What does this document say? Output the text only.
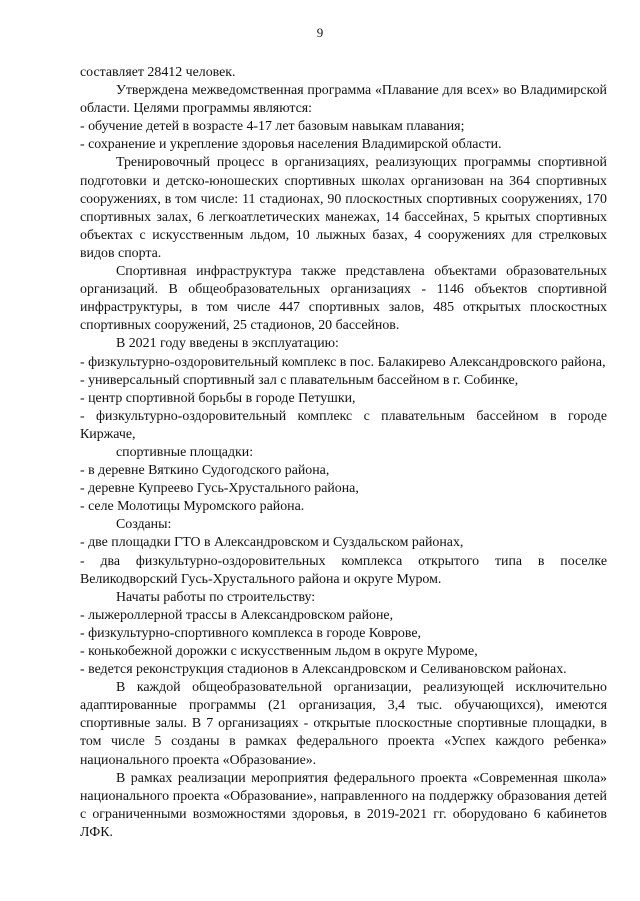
9

составляет 28412 человек.

Утверждена межведомственная программа «Плавание для всех» во Владимирской области. Целями программы являются:

- обучение детей в возрасте 4-17 лет базовым навыкам плавания;

- сохранение и укрепление здоровья населения Владимирской области.

Тренировочный процесс в организациях, реализующих программы спортивной подготовки и детско-юношеских спортивных школах организован на 364 спортивных сооружениях, в том числе: 11 стадионах, 90 плоскостных спортивных сооружениях, 170 спортивных залах, 6 легкоатлетических манежах, 14 бассейнах, 5 крытых спортивных объектах с искусственным льдом, 10 лыжных базах, 4 сооружениях для стрелковых видов спорта.

Спортивная инфраструктура также представлена объектами образовательных организаций. В общеобразовательных организациях - 1146 объектов спортивной инфраструктуры, в том числе 447 спортивных залов, 485 открытых плоскостных спортивных сооружений, 25 стадионов, 20 бассейнов.

В 2021 году введены в эксплуатацию:

- физкультурно-оздоровительный комплекс в пос. Балакирево Александровского района,

- универсальный спортивный зал с плавательным бассейном в г. Собинке,

- центр спортивной борьбы в городе Петушки,

- физкультурно-оздоровительный комплекс с плавательным бассейном в городе Киржаче,

спортивные площадки:

- в деревне Вяткино Судогодского района,

- деревне Купреево Гусь-Хрустального района,

- селе Молотицы Муромского района.

Созданы:

- две площадки ГТО в Александровском и Суздальском районах,

- два физкультурно-оздоровительных комплекса открытого типа в поселке Великодворский Гусь-Хрустального района и округе Муром.

Начаты работы по строительству:

- лыжероллерной трассы в Александровском районе,

- физкультурно-спортивного комплекса в городе Коврове,

- конькобежной дорожки с искусственным льдом в округе Муроме,

- ведется реконструкция стадионов в Александровском и Селивановском районах.

В каждой общеобразовательной организации, реализующей исключительно адаптированные программы (21 организация, 3,4 тыс. обучающихся), имеются спортивные залы. В 7 организациях - открытые плоскостные спортивные площадки, в том числе 5 созданы в рамках федерального проекта «Успех каждого ребенка» национального проекта «Образование».

В рамках реализации мероприятия федерального проекта «Современная школа» национального проекта «Образование», направленного на поддержку образования детей с ограниченными возможностями здоровья, в 2019-2021 гг. оборудовано 6 кабинетов ЛФК.
